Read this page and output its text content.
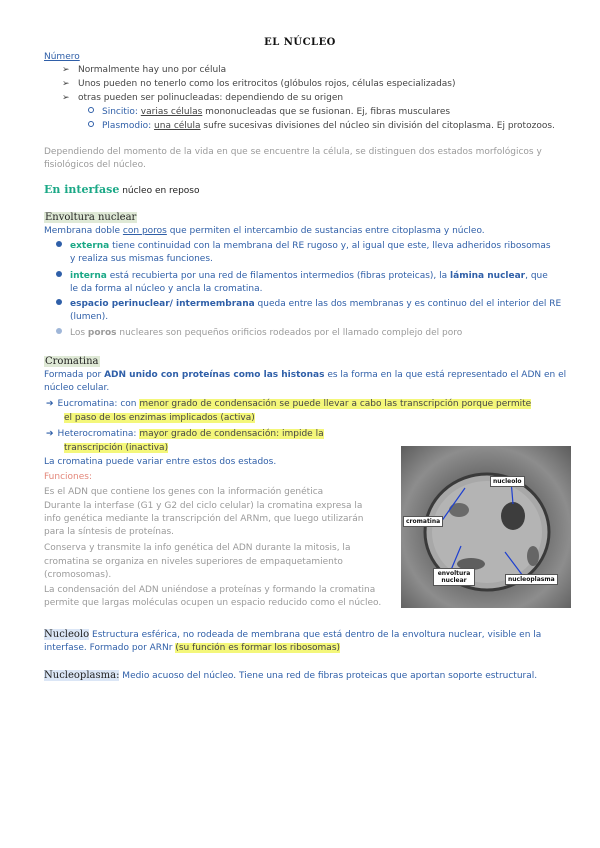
EL NÚCLEO
Número
➢ Normalmente hay uno por célula
➢ Unos pueden no tenerlo como los eritrocitos (glóbulos rojos, células especializadas)
➢ otras pueden ser polinucleadas: dependiendo de su origen
Sincitio: varias células mononucleadas que se fusionan. Ej, fibras musculares
Plasmodio: una célula sufre sucesivas divisiones del núcleo sin división del citoplasma. Ej protozoos.
Dependiendo del momento de la vida en que se encuentre la célula, se distinguen dos estados morfológicos y
fisiológicos del núcleo.
En interfase núcleo en reposo
Envoltura nuclear
Membrana doble con poros que permiten el intercambio de sustancias entre citoplasma y núcleo.
externa tiene continuidad con la membrana del RE rugoso y, al igual que este, lleva adheridos ribosomas
y realiza sus mismas funciones.
interna está recubierta por una red de filamentos intermedios (fibras proteicas), la lámina nuclear, que
le da forma al núcleo y ancla la cromatina.
espacio perinuclear/ intermembrana queda entre las dos membranas y es continuo del el interior del RE
(lumen).
Los poros nucleares son pequeños orificios rodeados por el llamado complejo del poro
Cromatina
Formada por ADN unido con proteínas como las histonas es la forma en la que está representado el ADN en el
núcleo celular.
➔ Eucromatina: con menor grado de condensación se puede llevar a cabo las transcripción porque permite
el paso de los enzimas implicados (activa)
➔ Heterocromatina: mayor grado de condensación: impide la
transcripción (inactiva)
La cromatina puede variar entre estos dos estados.
Funciones:
Es el ADN que contiene los genes con la información genética
Durante la interfase (G1 y G2 del ciclo celular) la cromatina expresa la
info genética mediante la transcripción del ARNm, que luego utilizarán
para la síntesis de proteínas.
Conserva y transmite la info genética del ADN durante la mitosis, la
cromatina se organiza en niveles superiores de empaquetamiento
(cromosomas).
La condensación del ADN uniéndose a proteínas y formando la cromatina
permite que largas moléculas ocupen un espacio reducido como el núcleo.
nucleolo
cromatina
envoltura
nuclear	nucleoplasma
Nucleolo Estructura esférica, no rodeada de membrana que está dentro de la envoltura nuclear, visible en la
interfase. Formado por ARNr (su función es formar los ribosomas)
Nucleoplasma: Medio acuoso del núcleo. Tiene una red de fibras proteicas que aportan soporte estructural.
